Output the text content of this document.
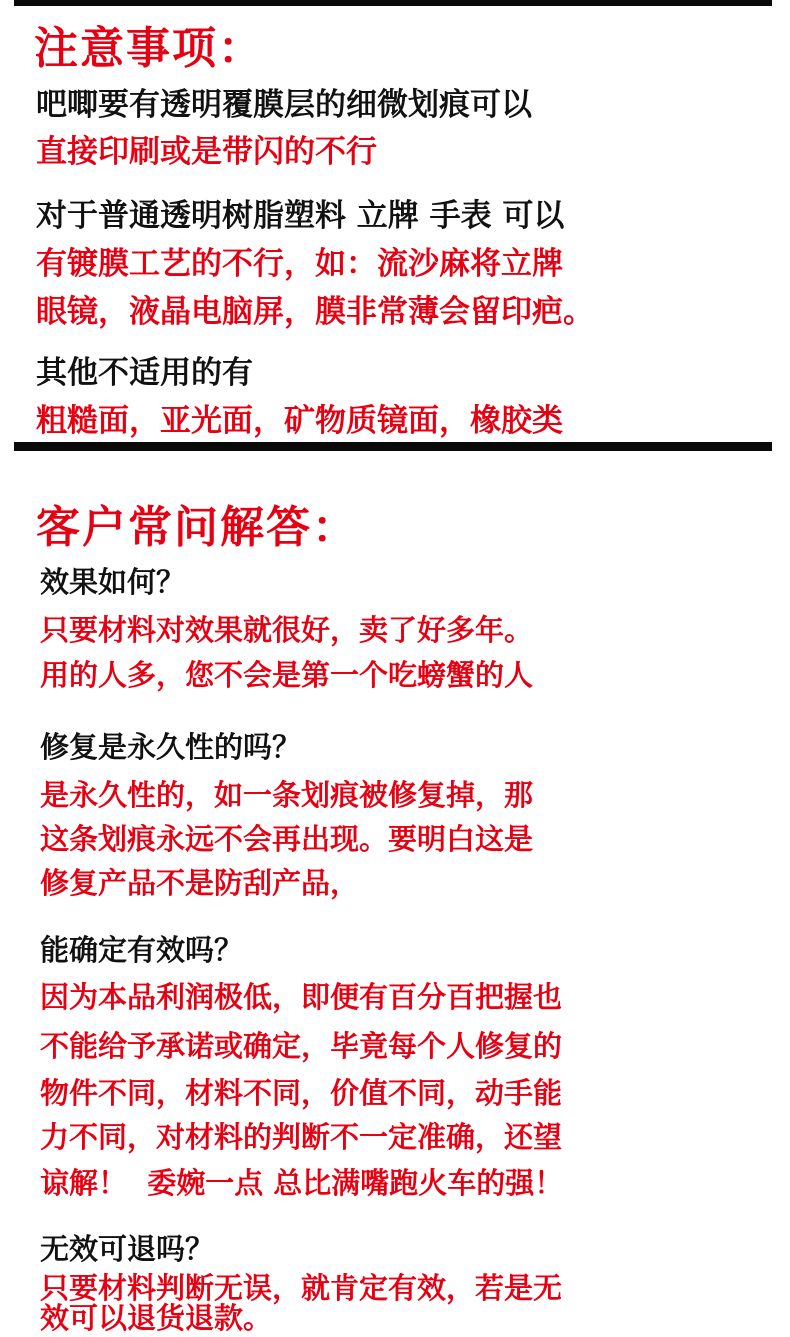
注意事项：
吧唧要有透明覆膜层的细微划痕可以
直接印刷或是带闪的不行
对于普通透明树脂塑料 立牌 手表 可以
有镀膜工艺的不行，如：流沙麻将立牌
眼镜，液晶电脑屏，膜非常薄会留印疤。
其他不适用的有
粗糙面，亚光面，矿物质镜面，橡胶类
客户常问解答：
效果如何？
只要材料对效果就很好，卖了好多年。
用的人多，您不会是第一个吃螃蟹的人
修复是永久性的吗？
是永久性的，如一条划痕被修复掉，那
这条划痕永远不会再出现。要明白这是
修复产品不是防刮产品，
能确定有效吗？
因为本品利润极低，即便有百分百把握也
不能给予承诺或确定，毕竟每个人修复的
物件不同，材料不同，价值不同，动手能
力不同，对材料的判断不一定准确，还望
谅解！  委婉一点 总比满嘴跑火车的强！
无效可退吗？
只要材料判断无误，就肯定有效，若是无
效可以退货退款。
